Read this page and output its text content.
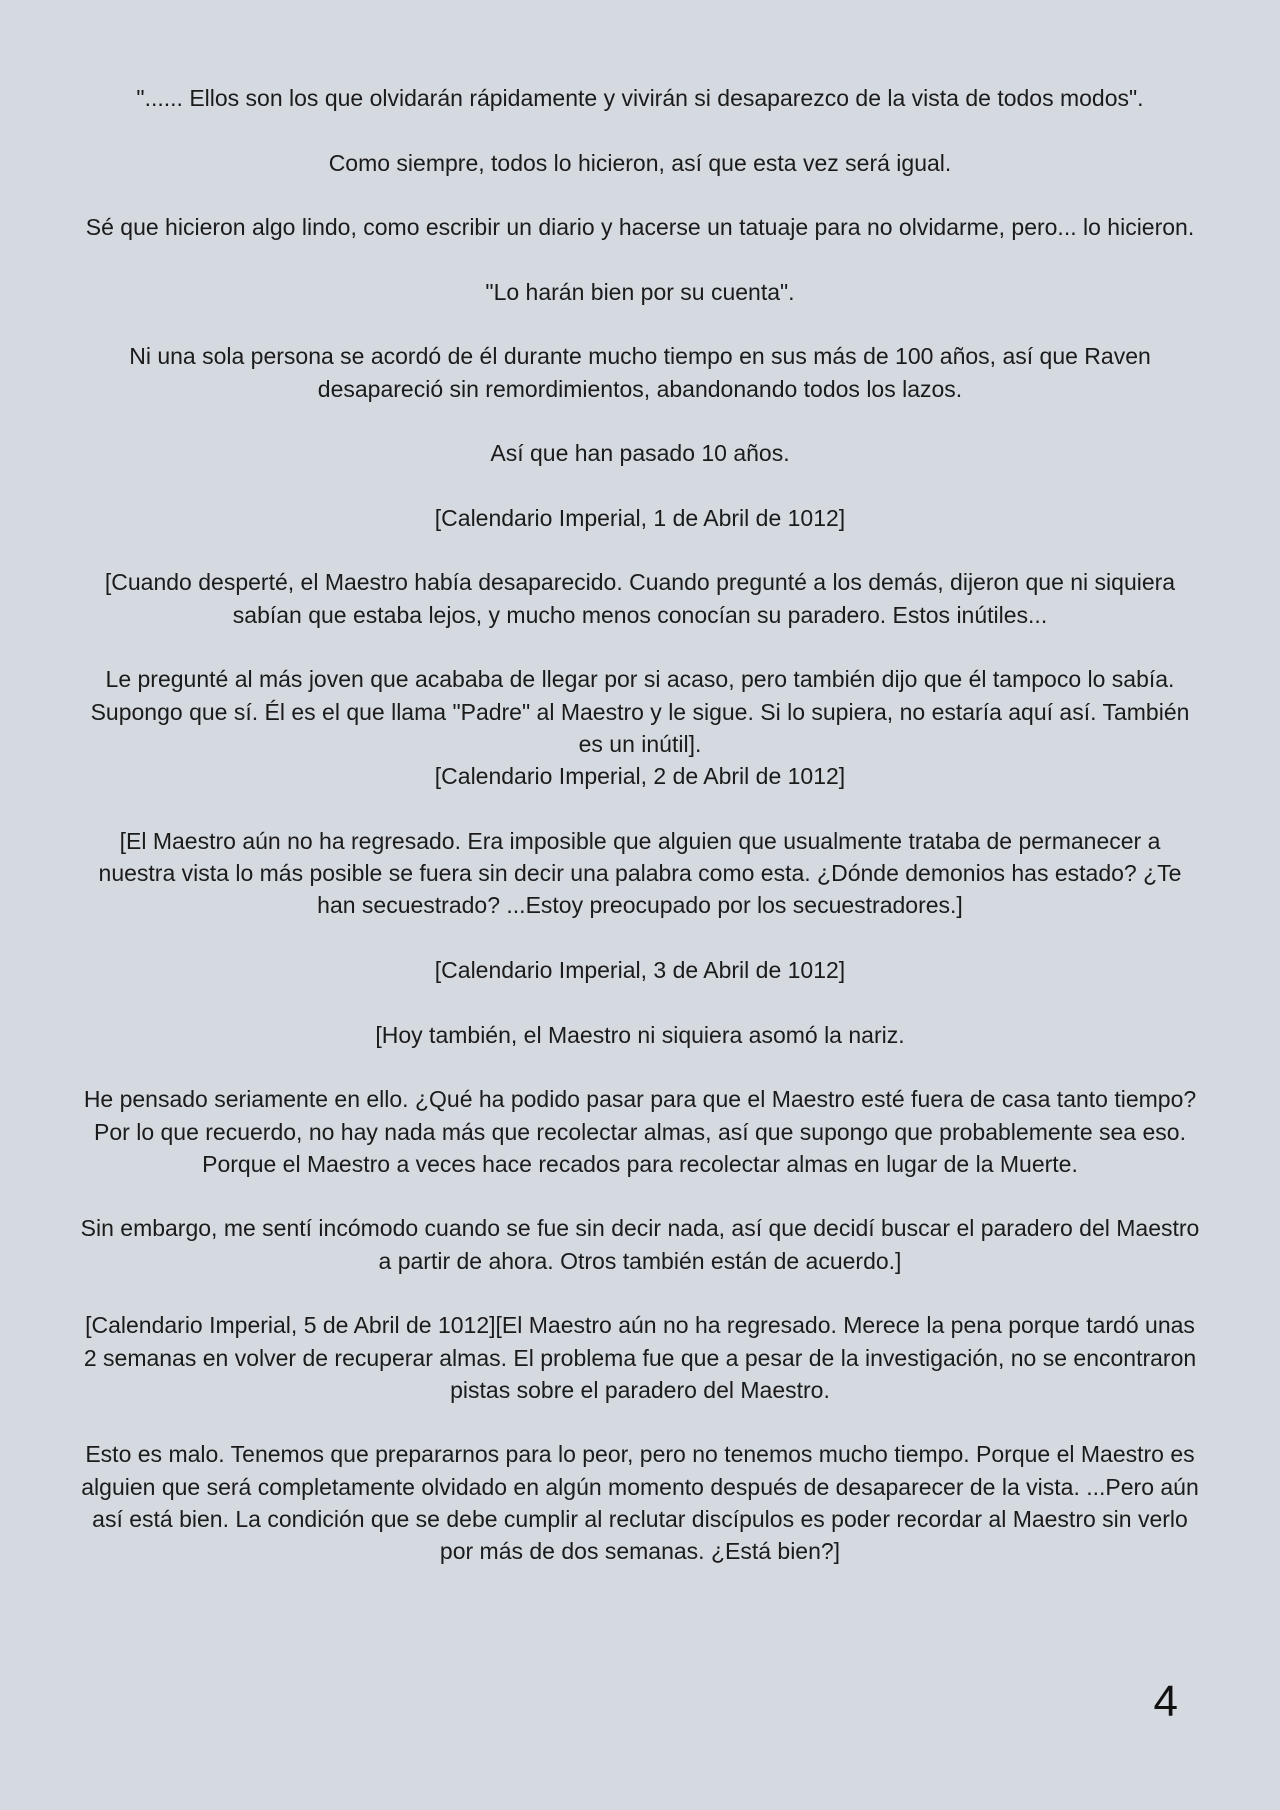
"...... Ellos son los que olvidarán rápidamente y vivirán si desaparezco de la vista de todos modos".

Como siempre, todos lo hicieron, así que esta vez será igual.

Sé que hicieron algo lindo, como escribir un diario y hacerse un tatuaje para no olvidarme, pero... lo hicieron.

"Lo harán bien por su cuenta".

Ni una sola persona se acordó de él durante mucho tiempo en sus más de 100 años, así que Raven desapareció sin remordimientos, abandonando todos los lazos.

Así que han pasado 10 años.

[Calendario Imperial, 1 de Abril de 1012]

[Cuando desperté, el Maestro había desaparecido. Cuando pregunté a los demás, dijeron que ni siquiera sabían que estaba lejos, y mucho menos conocían su paradero. Estos inútiles...

Le pregunté al más joven que acababa de llegar por si acaso, pero también dijo que él tampoco lo sabía. Supongo que sí. Él es el que llama "Padre" al Maestro y le sigue. Si lo supiera, no estaría aquí así. También es un inútil].

[Calendario Imperial, 2 de Abril de 1012]

[El Maestro aún no ha regresado. Era imposible que alguien que usualmente trataba de permanecer a nuestra vista lo más posible se fuera sin decir una palabra como esta. ¿Dónde demonios has estado? ¿Te han secuestrado? ...Estoy preocupado por los secuestradores.]

[Calendario Imperial, 3 de Abril de 1012]

[Hoy también, el Maestro ni siquiera asomó la nariz.

He pensado seriamente en ello. ¿Qué ha podido pasar para que el Maestro esté fuera de casa tanto tiempo? Por lo que recuerdo, no hay nada más que recolectar almas, así que supongo que probablemente sea eso. Porque el Maestro a veces hace recados para recolectar almas en lugar de la Muerte.

Sin embargo, me sentí incómodo cuando se fue sin decir nada, así que decidí buscar el paradero del Maestro a partir de ahora. Otros también están de acuerdo.]

[Calendario Imperial, 5 de Abril de 1012][El Maestro aún no ha regresado. Merece la pena porque tardó unas 2 semanas en volver de recuperar almas. El problema fue que a pesar de la investigación, no se encontraron pistas sobre el paradero del Maestro.

Esto es malo. Tenemos que prepararnos para lo peor, pero no tenemos mucho tiempo. Porque el Maestro es alguien que será completamente olvidado en algún momento después de desaparecer de la vista. ...Pero aún así está bien. La condición que se debe cumplir al reclutar discípulos es poder recordar al Maestro sin verlo por más de dos semanas. ¿Está bien?]

4
